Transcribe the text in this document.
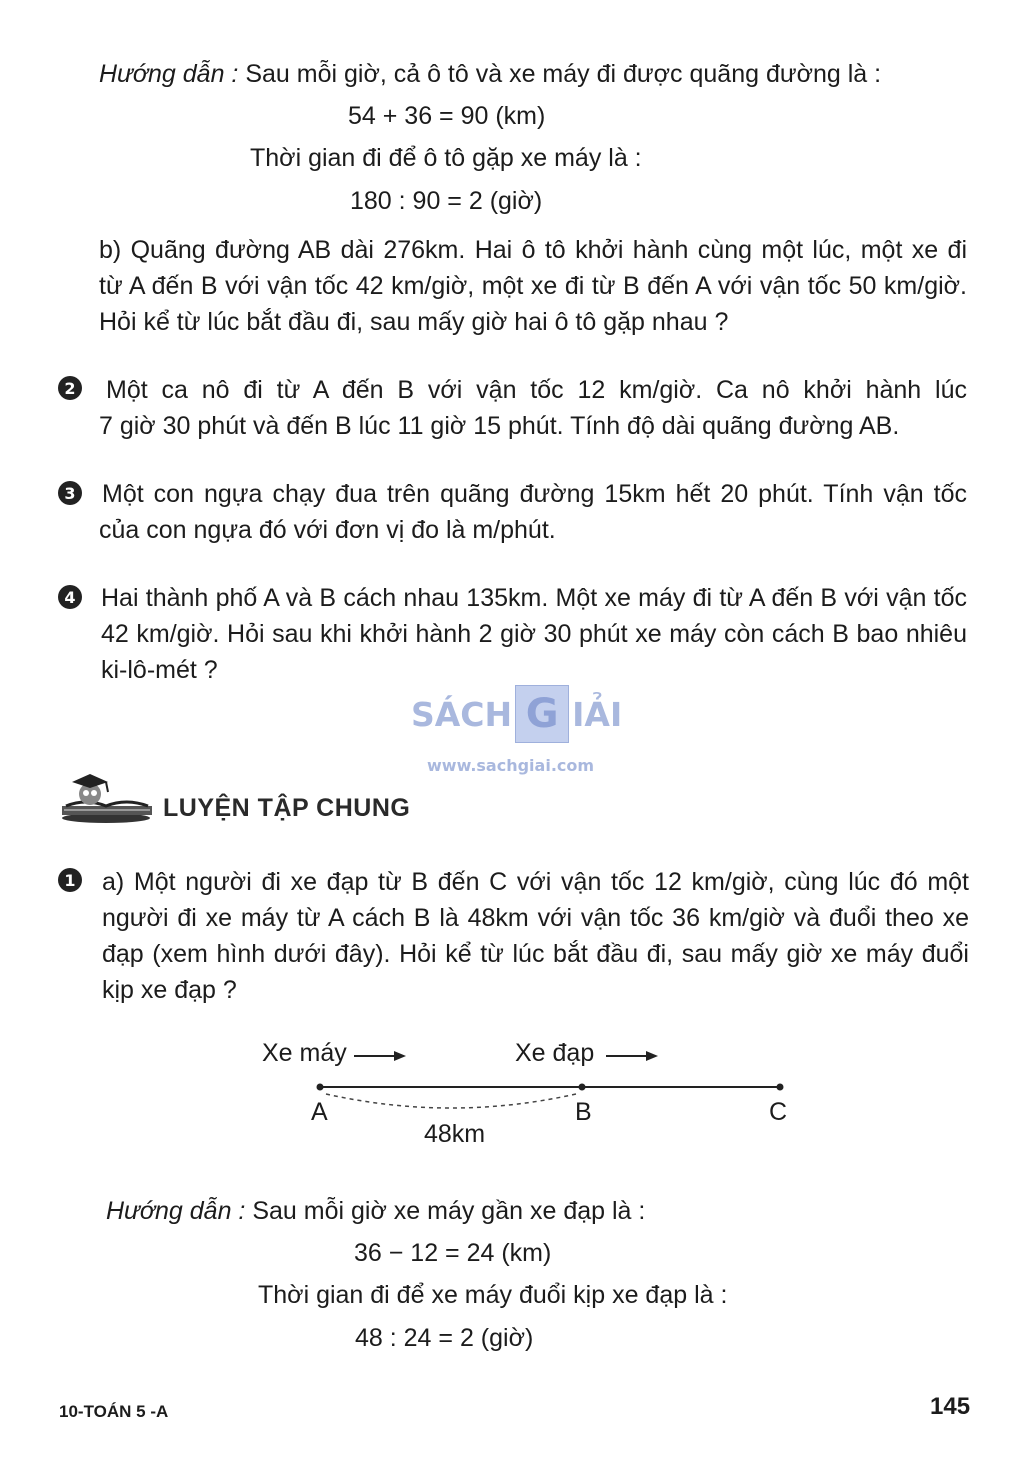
Hướng dẫn : Sau mỗi giờ, cả ô tô và xe máy đi được quãng đường là :
54 + 36 = 90 (km)
Thời gian đi để ô tô gặp xe máy là :
180 : 90 = 2 (giờ)
b) Quãng đường AB dài 276km. Hai ô tô khởi hành cùng một lúc, một xe đi
từ A đến B với vận tốc 42 km/giờ, một xe đi từ B đến A với vận tốc 50 km/giờ.
Hỏi kể từ lúc bắt đầu đi, sau mấy giờ hai ô tô gặp nhau ?
2 Một ca nô đi từ A đến B với vận tốc 12 km/giờ. Ca nô khởi hành lúc
7 giờ 30 phút và đến B lúc 11 giờ 15 phút. Tính độ dài quãng đường AB.
3 Một con ngựa chạy đua trên quãng đường 15km hết 20 phút. Tính vận tốc
của con ngựa đó với đơn vị đo là m/phút.
4 Hai thành phố A và B cách nhau 135km. Một xe máy đi từ A đến B với vận tốc
42 km/giờ. Hỏi sau khi khởi hành 2 giờ 30 phút xe máy còn cách B bao nhiêu
ki-lô-mét ?
SÁCH G IẢI
www.sachgiai.com
LUYỆN TẬP CHUNG
1 a) Một người đi xe đạp từ B đến C với vận tốc 12 km/giờ, cùng lúc đó một
người đi xe máy từ A cách B là 48km với vận tốc 36 km/giờ và đuổi theo xe
đạp (xem hình dưới đây). Hỏi kể từ lúc bắt đầu đi, sau mấy giờ xe máy đuổi
kịp xe đạp ?
Xe máy	Xe đạp
A	B	C
48km
Hướng dẫn : Sau mỗi giờ xe máy gần xe đạp là :
36 − 12 = 24 (km)
Thời gian đi để xe máy đuổi kịp xe đạp là :
48 : 24 = 2 (giờ)
10-TOÁN 5 -A	145
